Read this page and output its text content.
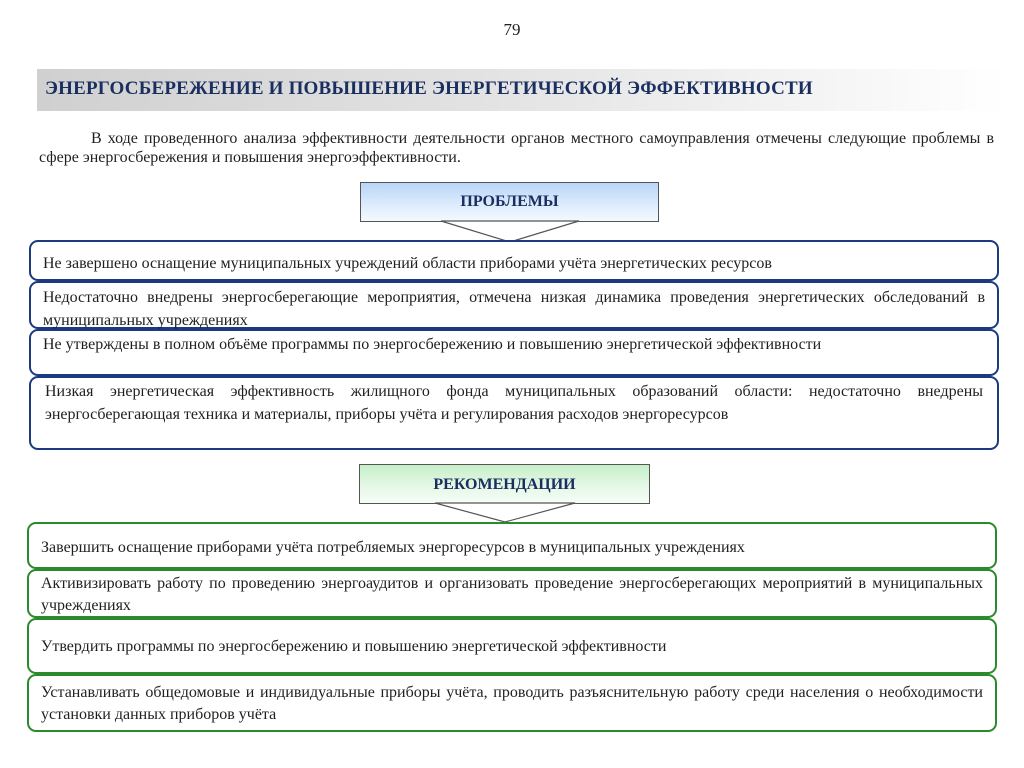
79
ЭНЕРГОСБЕРЕЖЕНИЕ И ПОВЫШЕНИЕ ЭНЕРГЕТИЧЕСКОЙ ЭФФЕКТИВНОСТИ
В ходе проведенного анализа эффективности деятельности органов местного самоуправления отмечены следующие проблемы в сфере энергосбережения и повышения энергоэффективности.
ПРОБЛЕМЫ
Не завершено оснащение муниципальных учреждений области приборами учёта энергетических ресурсов
Недостаточно внедрены энергосберегающие мероприятия, отмечена низкая динамика проведения энергетических обследований в муниципальных учреждениях
Не утверждены в полном объёме программы по энергосбережению и повышению энергетической эффективности
Низкая энергетическая эффективность жилищного фонда муниципальных образований области: недостаточно внедрены энергосберегающая техника и материалы, приборы учёта и регулирования расходов энергоресурсов
РЕКОМЕНДАЦИИ
Завершить оснащение приборами учёта потребляемых энергоресурсов в муниципальных учреждениях
Активизировать работу по проведению энергоаудитов и организовать проведение энергосберегающих мероприятий в муниципальных учреждениях
Утвердить программы по энергосбережению и повышению энергетической эффективности
Устанавливать общедомовые и индивидуальные приборы учёта, проводить разъяснительную работу среди населения о необходимости установки данных приборов учёта
